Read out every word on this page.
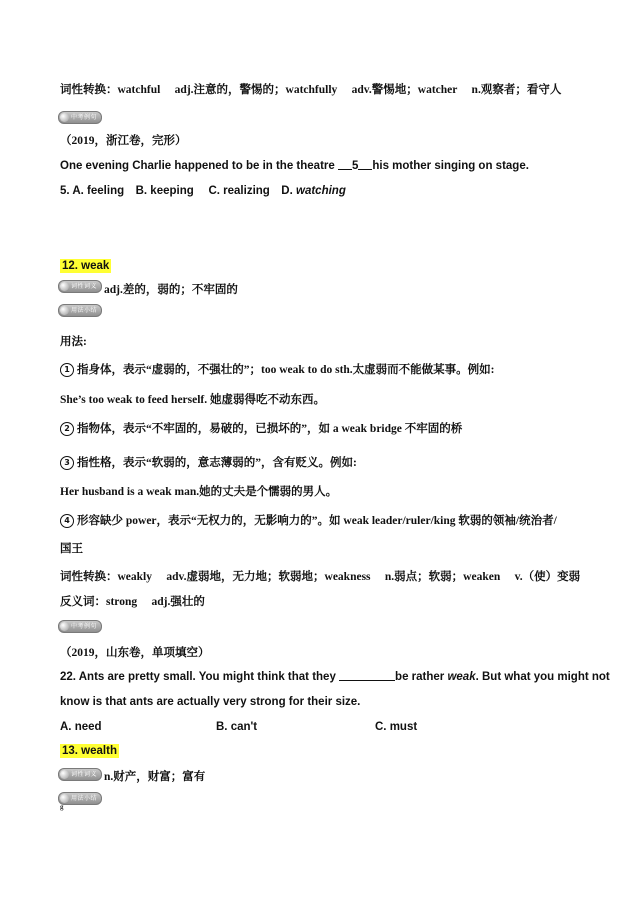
词性转换：watchful　 adj.注意的，警惕的；watchfully　 adv.警惕地；watcher　 n.观察者；看守人
中考例句
（2019，浙江卷，完形）
One evening Charlie happened to be in the theatre 5 his mother singing on stage.
5. A. feeling　B. keeping　 C. realizing　D. watching
12. weak
词性词义 adj.差的，弱的；不牢固的
用法小结
用法:
1 指身体，表示“虚弱的，不强壮的”；too weak to do sth.太虚弱而不能做某事。例如:
She’s too weak to feed herself. 她虚弱得吃不动东西。
2 指物体，表示“不牢固的，易破的，已损坏的”，如 a weak bridge 不牢固的桥
3 指性格，表示“软弱的，意志薄弱的”，含有贬义。例如:
Her husband is a weak man.她的丈夫是个懦弱的男人。
4 形容缺少 power，表示“无权力的，无影响力的”。如 weak leader/ruler/king 软弱的领袖/统治者/
国王
词性转换：weakly　 adv.虚弱地，无力地；软弱地；weakness　 n.弱点；软弱；weaken　 v.（使）变弱
反义词：strong　 adj.强壮的
中考例句
（2019，山东卷，单项填空）
22. Ants are pretty small. You might think that they	be rather weak. But what you might not
know is that ants are actually very strong for their size.
A. need	B. can't	C. must
13. wealth
词性词义 n.财产，财富；富有
用法小结
g
